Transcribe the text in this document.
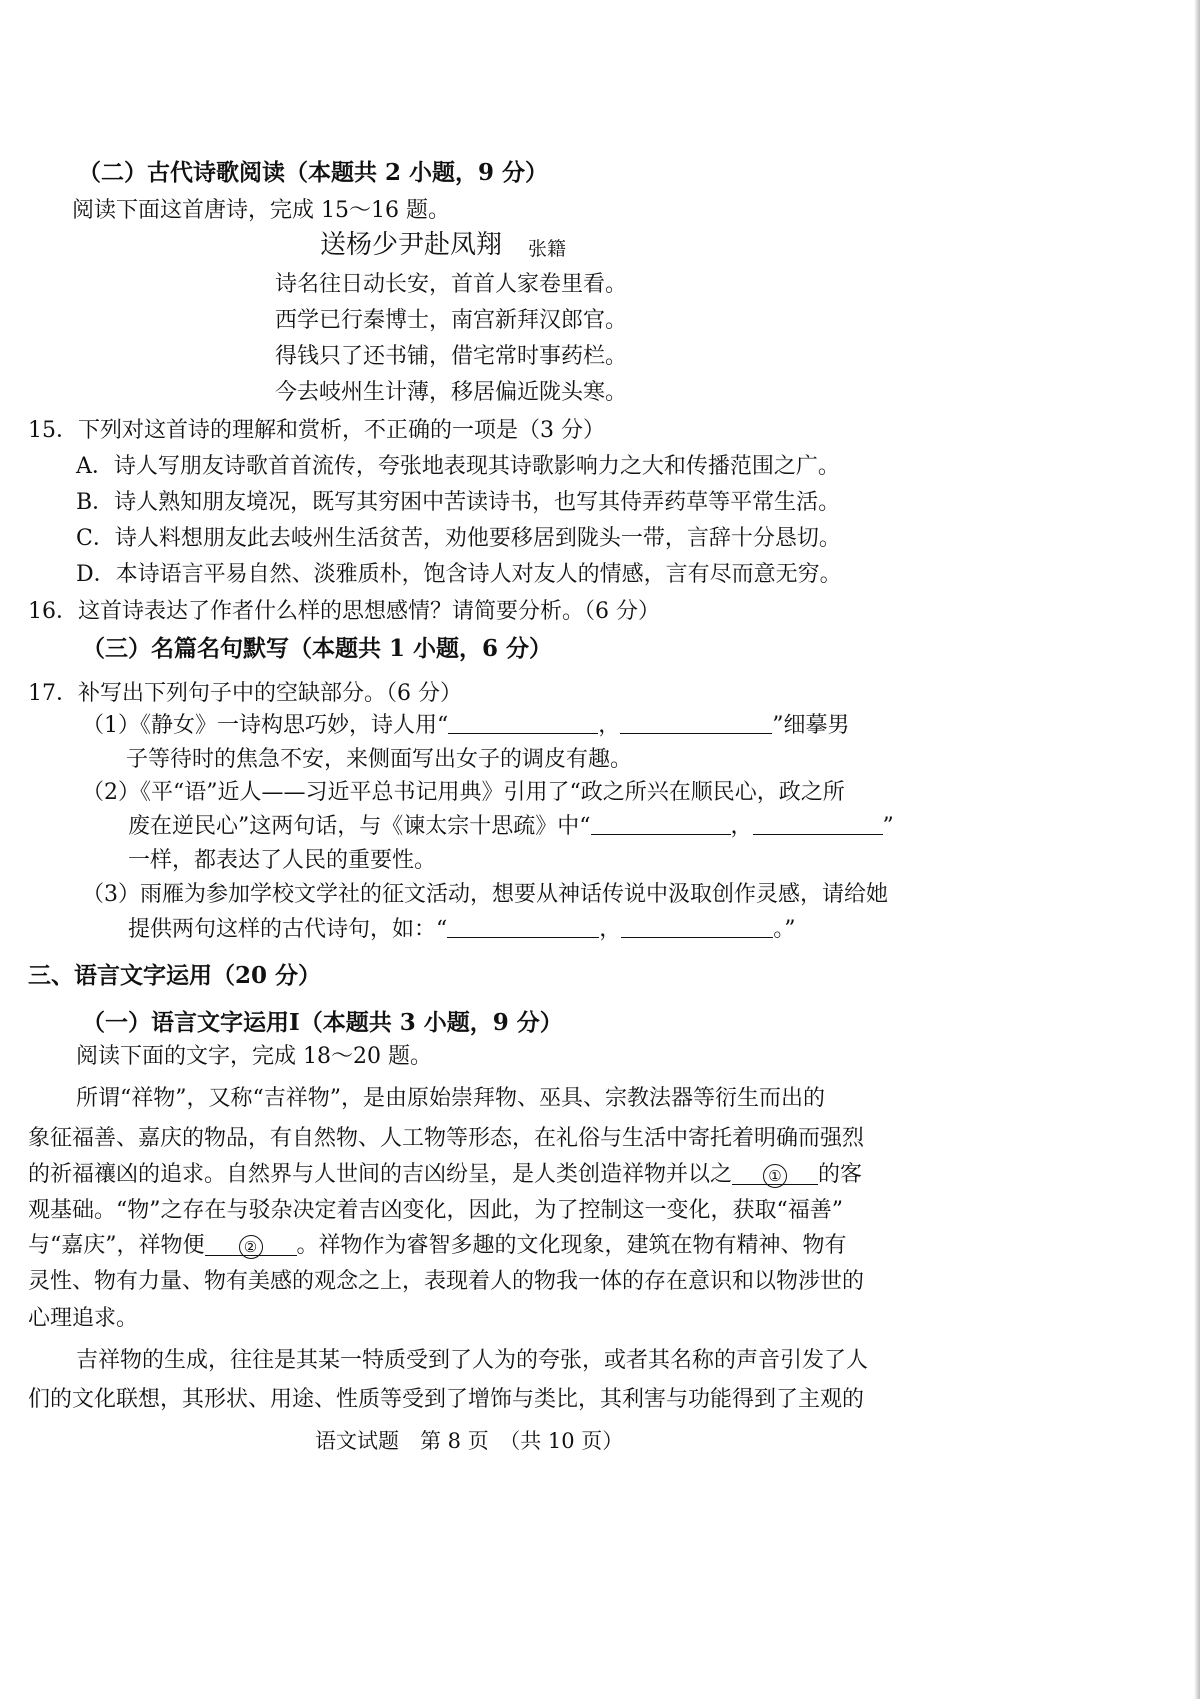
（二）古代诗歌阅读（本题共 2 小题，9 分）
阅读下面这首唐诗，完成 15～16 题。
送杨少尹赴凤翔 张籍
诗名往日动长安，首首人家卷里看。
西学已行秦博士，南宫新拜汉郎官。
得钱只了还书铺，借宅常时事药栏。
今去岐州生计薄，移居偏近陇头寒。
15．下列对这首诗的理解和赏析，不正确的一项是（3 分）
A．诗人写朋友诗歌首首流传，夸张地表现其诗歌影响力之大和传播范围之广。
B．诗人熟知朋友境况，既写其穷困中苦读诗书，也写其侍弄药草等平常生活。
C．诗人料想朋友此去岐州生活贫苦，劝他要移居到陇头一带，言辞十分恳切。
D．本诗语言平易自然、淡雅质朴，饱含诗人对友人的情感，言有尽而意无穷。
16．这首诗表达了作者什么样的思想感情？请简要分析。（6 分）
（三）名篇名句默写（本题共 1 小题，6 分）
17．补写出下列句子中的空缺部分。（6 分）
（1）《静女》一诗构思巧妙，诗人用“	，	”细摹男
子等待时的焦急不安，来侧面写出女子的调皮有趣。
（2）《平“语”近人——习近平总书记用典》引用了“政之所兴在顺民心，政之所
废在逆民心”这两句话，与《谏太宗十思疏》中“	，	”
一样，都表达了人民的重要性。
（3）雨雁为参加学校文学社的征文活动，想要从神话传说中汲取创作灵感，请给她
提供两句这样的古代诗句，如：“	，	。”
三、语言文字运用（20 分）
（一）语言文字运用Ⅰ（本题共 3 小题，9 分）
阅读下面的文字，完成 18～20 题。
所谓“祥物”，又称“吉祥物”，是由原始崇拜物、巫具、宗教法器等衍生而出的
象征福善、嘉庆的物品，有自然物、人工物等形态，在礼俗与生活中寄托着明确而强烈
的祈福禳凶的追求。自然界与人世间的吉凶纷呈，是人类创造祥物并以之 ① 的客
观基础。“物”之存在与驳杂决定着吉凶变化，因此，为了控制这一变化，获取“福善”
与“嘉庆”，祥物便	② 。祥物作为睿智多趣的文化现象，建筑在物有精神、物有
灵性、物有力量、物有美感的观念之上，表现着人的物我一体的存在意识和以物涉世的
心理追求。
吉祥物的生成，往往是其某一特质受到了人为的夸张，或者其名称的声音引发了人
们的文化联想，其形状、用途、性质等受到了增饰与类比，其利害与功能得到了主观的
语文试题　第 8 页　（共 10 页）
